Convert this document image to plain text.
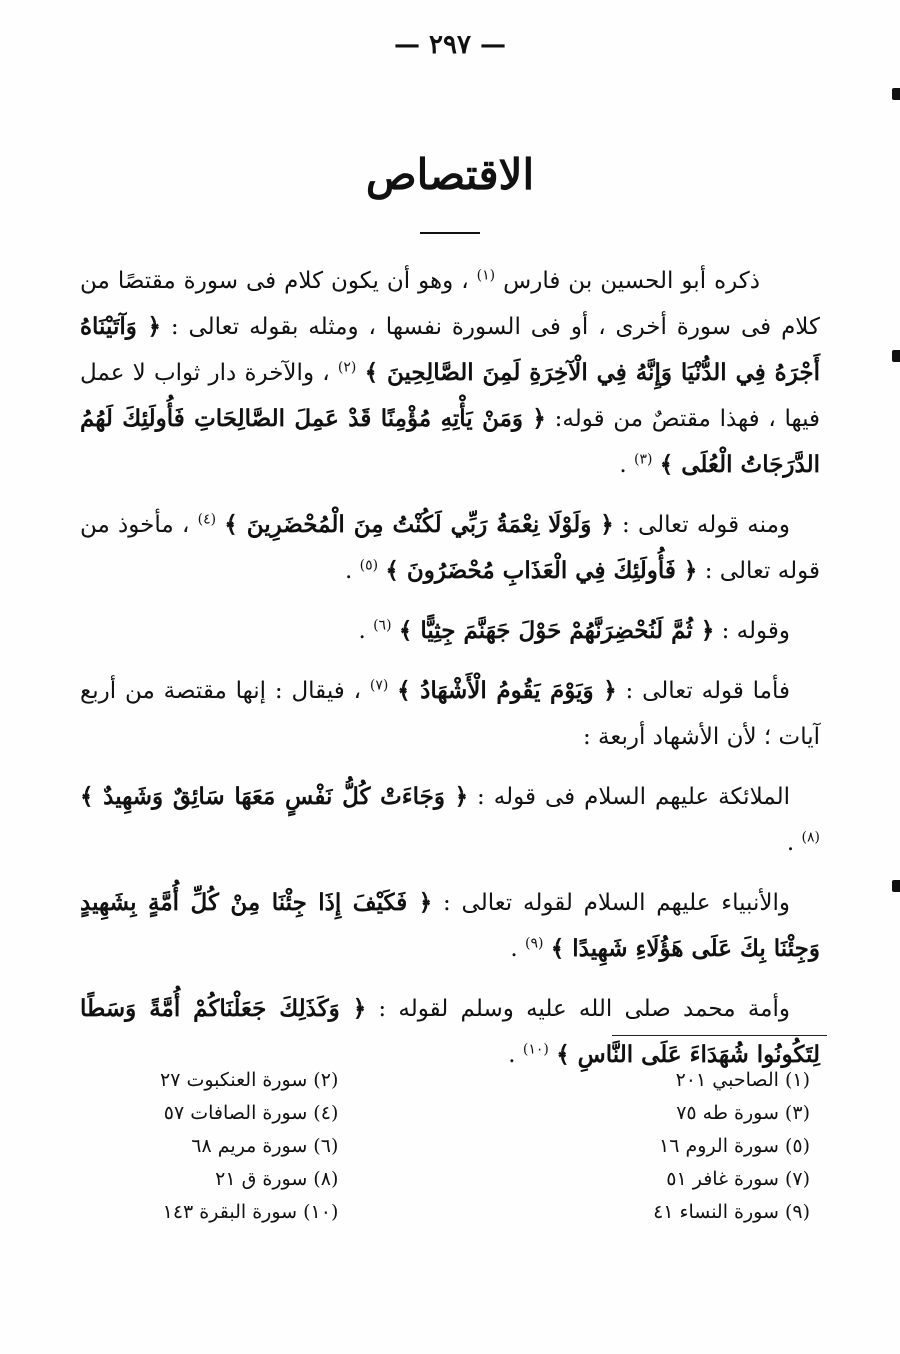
— ٢٩٧ —
الاقتصاص

ذكره أبو الحسين بن فارس $^{(١)}$ ، وهو أن يكون كلام فى سورة مقتصًا من كلام فى سورة أخرى ، أو فى السورة نفسها ، ومثله بقوله تعالى : ﴿ وَآتَيْنَاهُ أَجْرَهُ فِي الدُّنْيَا وَإِنَّهُ فِي الْآخِرَةِ لَمِنَ الصَّالِحِينَ ﴾ $^{(٢)}$ ، والآخرة دار ثواب لا عمل فيها ، فهذا مقتصٌ من قوله: ﴿ وَمَنْ يَأْتِهِ مُؤْمِنًا قَدْ عَمِلَ الصَّالِحَاتِ فَأُولَئِكَ لَهُمُ الدَّرَجَاتُ الْعُلَى ﴾ $^{(٣)}$ .

ومنه قوله تعالى : ﴿ وَلَوْلَا نِعْمَةُ رَبِّي لَكُنْتُ مِنَ الْمُحْضَرِينَ ﴾ $^{(٤)}$ ، مأخوذ من قوله تعالى : ﴿ فَأُولَئِكَ فِي الْعَذَابِ مُحْضَرُونَ ﴾ $^{(٥)}$ .

وقوله : ﴿ ثُمَّ لَنُحْضِرَنَّهُمْ حَوْلَ جَهَنَّمَ جِثِيًّا ﴾ $^{(٦)}$ .

فأما قوله تعالى : ﴿ وَيَوْمَ يَقُومُ الْأَشْهَادُ ﴾ $^{(٧)}$ ، فيقال : إنها مقتصة من أربع آيات ؛ لأن الأشهاد أربعة :

الملائكة عليهم السلام فى قوله : ﴿ وَجَاءَتْ كُلُّ نَفْسٍ مَعَهَا سَائِقٌ وَشَهِيدٌ ﴾ $^{(٨)}$ .

والأنبياء عليهم السلام لقوله تعالى : ﴿ فَكَيْفَ إِذَا جِئْنَا مِنْ كُلِّ أُمَّةٍ بِشَهِيدٍ وَجِئْنَا بِكَ عَلَى هَؤُلَاءِ شَهِيدًا ﴾ $^{(٩)}$ .

وأمة محمد صلى الله عليه وسلم لقوله : ﴿ وَكَذَلِكَ جَعَلْنَاكُمْ أُمَّةً وَسَطًا لِتَكُونُوا شُهَدَاءَ عَلَى النَّاسِ ﴾ $^{(١٠)}$ .

(١) الصاحبي ٢٠١
(٣) سورة طه ٧٥
(٥) سورة الروم ١٦
(٧) سورة غافر ٥١
(٩) سورة النساء ٤١
(٢) سورة العنكبوت ٢٧
(٤) سورة الصافات ٥٧
(٦) سورة مريم ٦٨
(٨) سورة ق ٢١
(١٠) سورة البقرة ١٤٣
